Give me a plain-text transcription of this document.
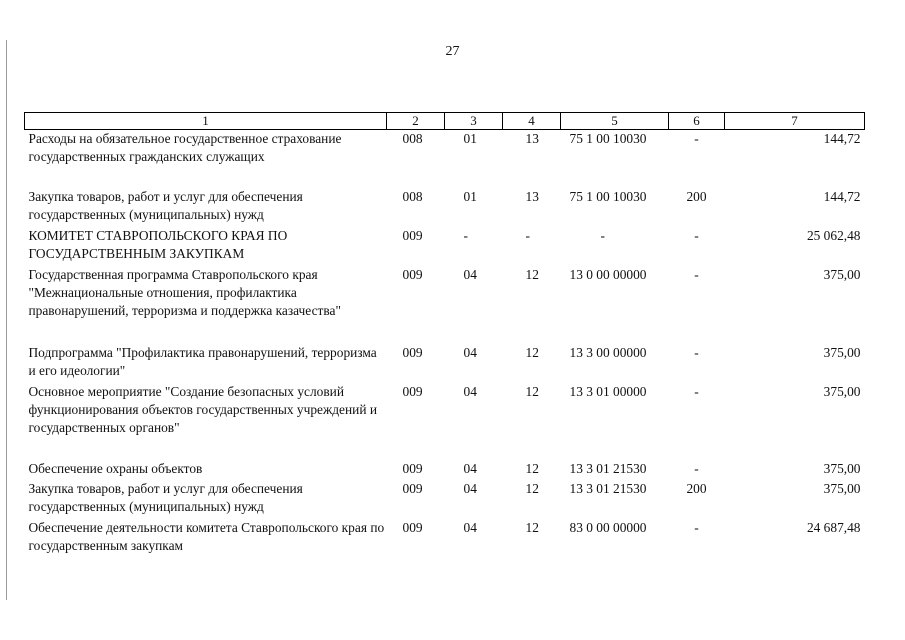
27
1	2	3	4	5	6	7
Расходы на обязательное государственное страхование государственных гражданских служащих	008	01	13	75 1 00 10030	-	144,72
Закупка товаров, работ и услуг для обеспечения государственных (муниципальных) нужд	008	01	13	75 1 00 10030	200	144,72
КОМИТЕТ СТАВРОПОЛЬСКОГО КРАЯ ПО ГОСУДАРСТВЕННЫМ ЗАКУПКАМ	009	-	-	-	-	25 062,48
Государственная программа Ставропольского края "Межнациональные отношения, профилактика правонарушений, терроризма и поддержка казачества"	009	04	12	13 0 00 00000	-	375,00
Подпрограмма "Профилактика правонарушений, терроризма и его идеологии"	009	04	12	13 3 00 00000	-	375,00
Основное мероприятие "Создание безопасных условий функционирования объектов государственных учреждений и государственных органов"	009	04	12	13 3 01 00000	-	375,00
Обеспечение охраны объектов	009	04	12	13 3 01 21530	-	375,00
Закупка товаров, работ и услуг для обеспечения государственных (муниципальных) нужд	009	04	12	13 3 01 21530	200	375,00
Обеспечение деятельности комитета Ставропольского края по государственным закупкам	009	04	12	83 0 00 00000	-	24 687,48
